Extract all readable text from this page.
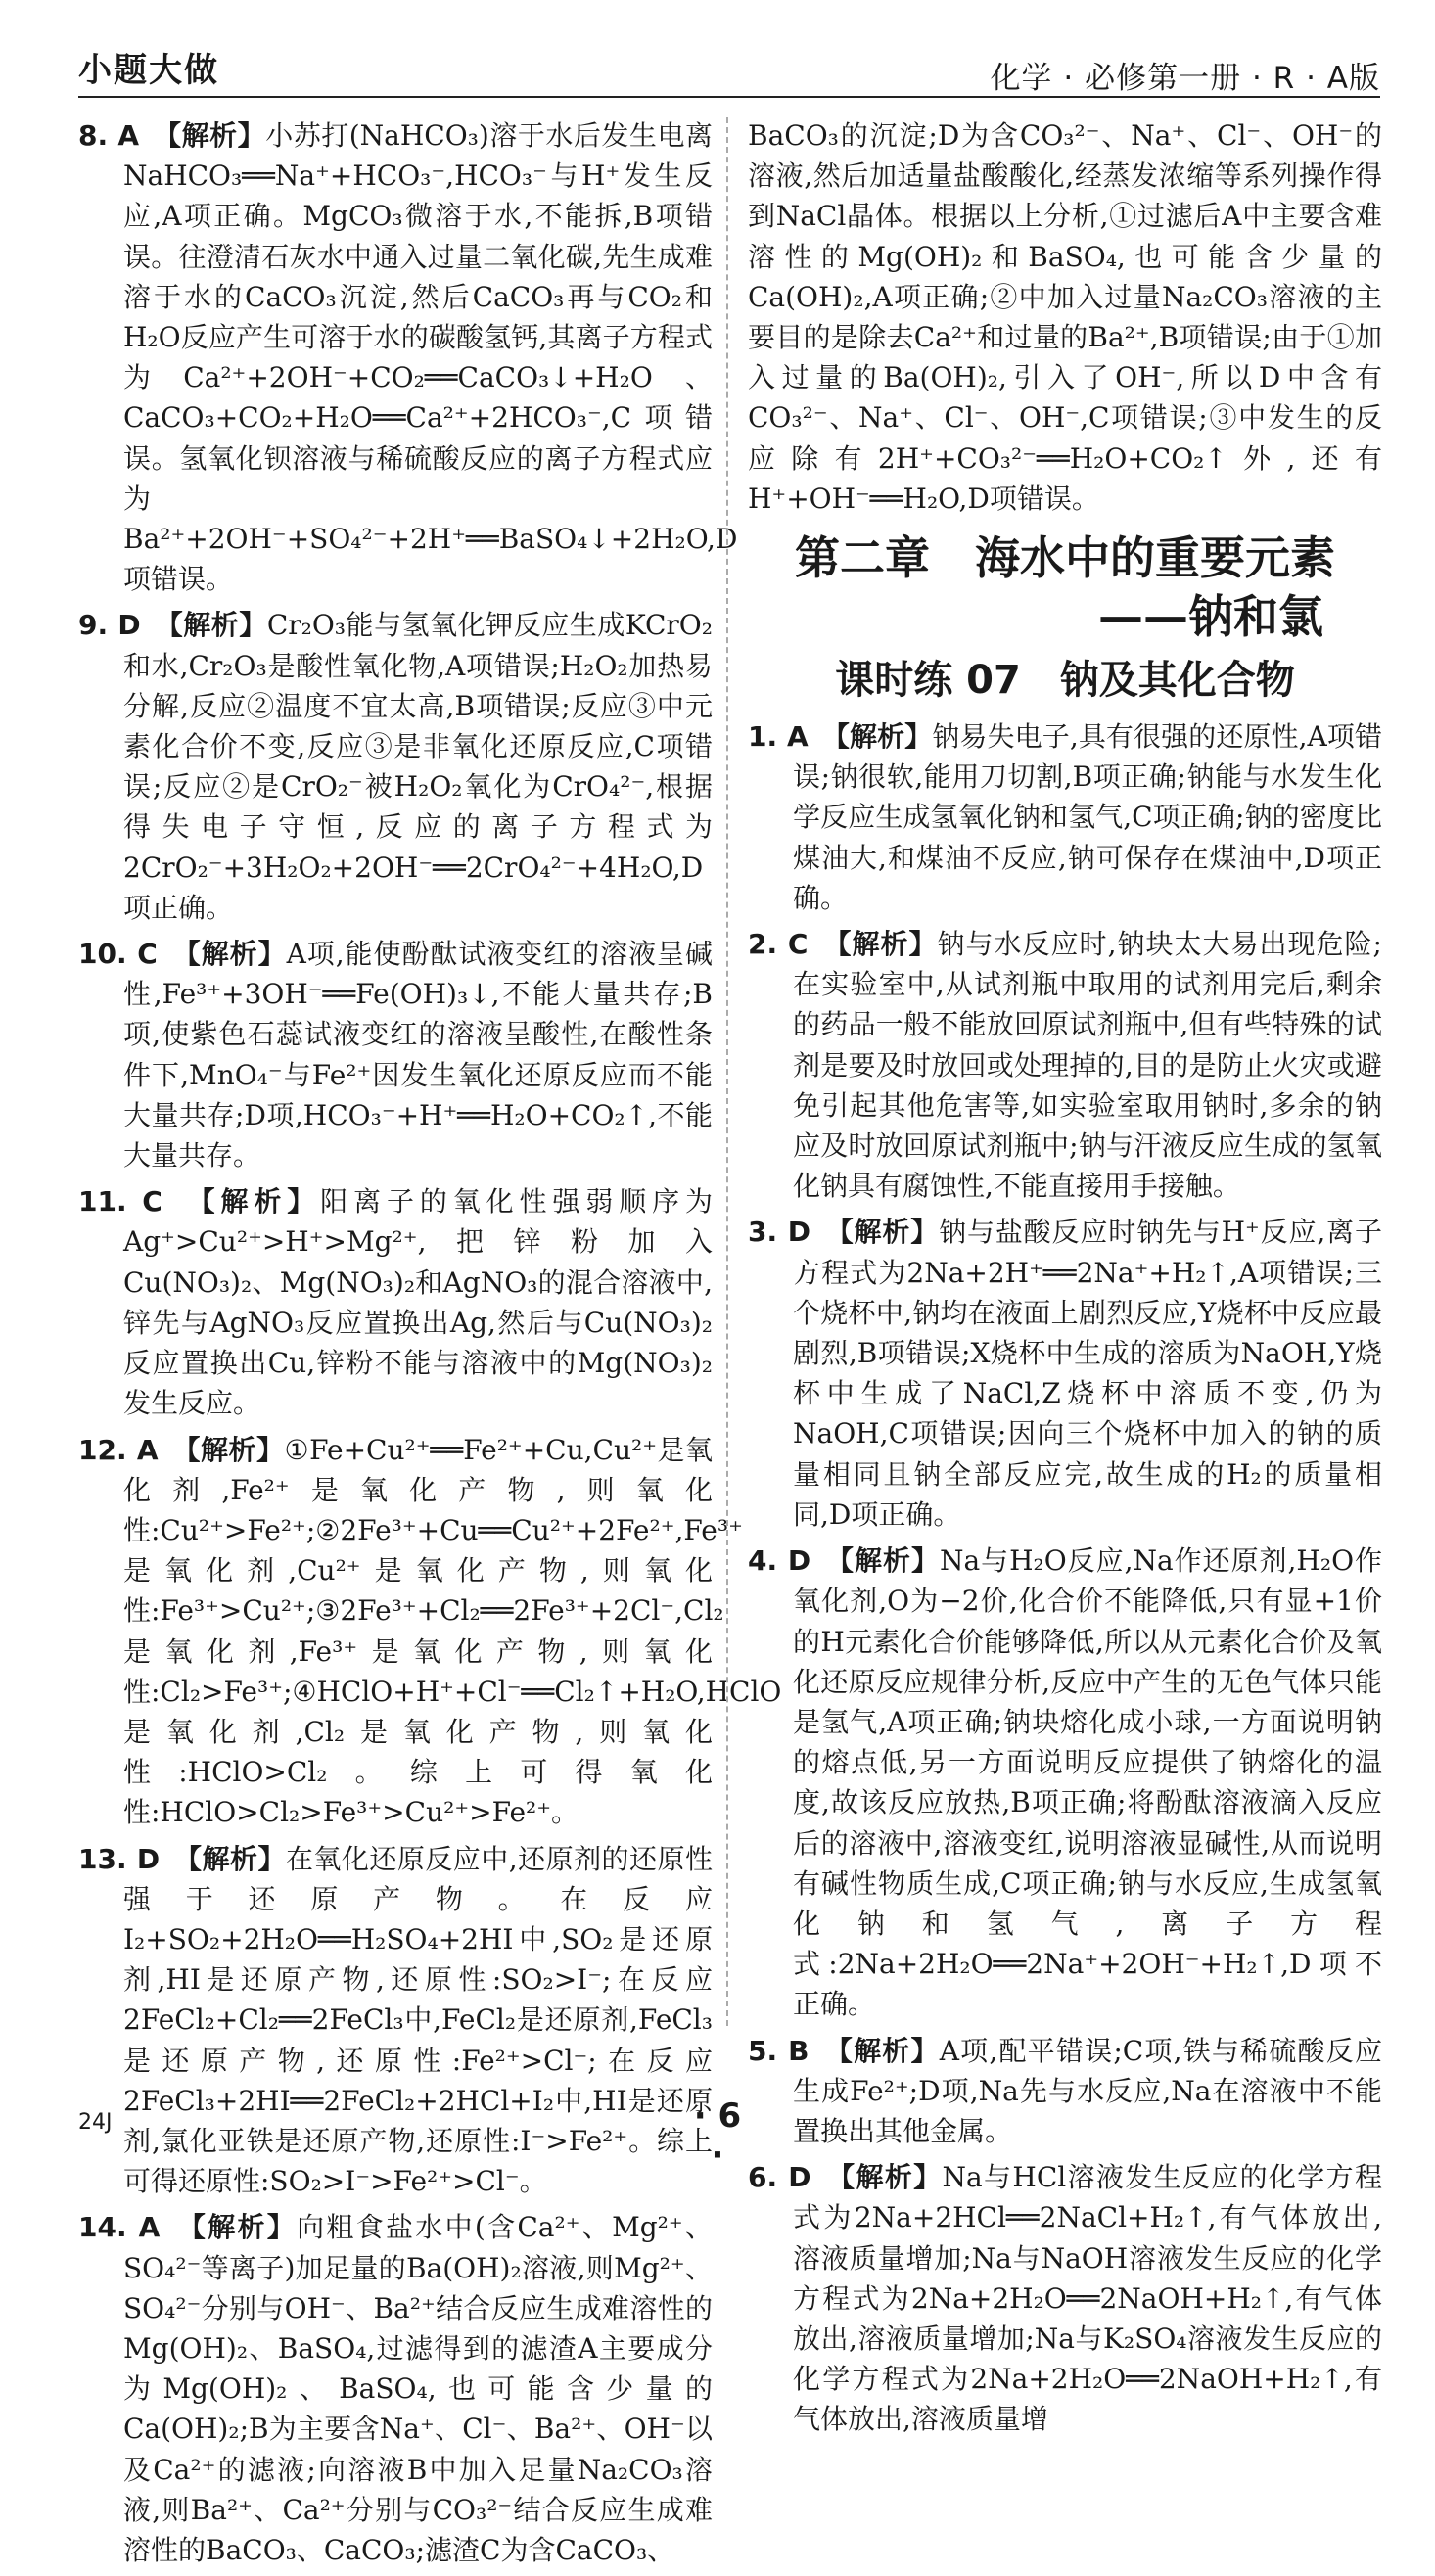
小题大做	化学 · 必修第一册 · R · A版

8. A　 【解析】小苏打(NaHCO₃)溶于水后发生电离NaHCO₃══Na⁺+HCO₃⁻,HCO₃⁻与H⁺发生反应,A项正确。MgCO₃微溶于水,不能拆,B项错误。往澄清石灰水中通入过量二氧化碳,先生成难溶于水的CaCO₃沉淀,然后CaCO₃再与CO₂和H₂O反应产生可溶于水的碳酸氢钙,其离子方程式为Ca²⁺+2OH⁻+CO₂══CaCO₃↓+H₂O、CaCO₃+CO₂+H₂O══Ca²⁺+2HCO₃⁻,C项错误。氢氧化钡溶液与稀硫酸反应的离子方程式应为Ba²⁺+2OH⁻+SO₄²⁻+2H⁺══BaSO₄↓+2H₂O,D项错误。

9. D　 【解析】Cr₂O₃能与氢氧化钾反应生成KCrO₂和水,Cr₂O₃是酸性氧化物,A项错误;H₂O₂加热易分解,反应②温度不宜太高,B项错误;反应③中元素化合价不变,反应③是非氧化还原反应,C项错误;反应②是CrO₂⁻被H₂O₂氧化为CrO₄²⁻,根据得失电子守恒,反应的离子方程式为2CrO₂⁻+3H₂O₂+2OH⁻══2CrO₄²⁻+4H₂O,D项正确。

10. C　 【解析】A项,能使酚酞试液变红的溶液呈碱性,Fe³⁺+3OH⁻══Fe(OH)₃↓,不能大量共存;B项,使紫色石蕊试液变红的溶液呈酸性,在酸性条件下,MnO₄⁻与Fe²⁺因发生氧化还原反应而不能大量共存;D项,HCO₃⁻+H⁺══H₂O+CO₂↑,不能大量共存。

11. C　 【解析】阳离子的氧化性强弱顺序为Ag⁺>Cu²⁺>H⁺>Mg²⁺,把锌粉加入Cu(NO₃)₂、Mg(NO₃)₂和AgNO₃的混合溶液中,锌先与AgNO₃反应置换出Ag,然后与Cu(NO₃)₂反应置换出Cu,锌粉不能与溶液中的Mg(NO₃)₂发生反应。

12. A　 【解析】①Fe+Cu²⁺══Fe²⁺+Cu,Cu²⁺是氧化剂,Fe²⁺是氧化产物,则氧化性:Cu²⁺>Fe²⁺;②2Fe³⁺+Cu══Cu²⁺+2Fe²⁺,Fe³⁺是氧化剂,Cu²⁺是氧化产物,则氧化性:Fe³⁺>Cu²⁺;③2Fe³⁺+Cl₂══2Fe³⁺+2Cl⁻,Cl₂是氧化剂,Fe³⁺是氧化产物,则氧化性:Cl₂>Fe³⁺;④HClO+H⁺+Cl⁻══Cl₂↑+H₂O,HClO是氧化剂,Cl₂是氧化产物,则氧化性:HClO>Cl₂。综上可得氧化性:HClO>Cl₂>Fe³⁺>Cu²⁺>Fe²⁺。

13. D　 【解析】在氧化还原反应中,还原剂的还原性强于还原产物。在反应I₂+SO₂+2H₂O══H₂SO₄+2HI中,SO₂是还原剂,HI是还原产物,还原性:SO₂>I⁻;在反应2FeCl₂+Cl₂══2FeCl₃中,FeCl₂是还原剂,FeCl₃是还原产物,还原性:Fe²⁺>Cl⁻;在反应2FeCl₃+2HI══2FeCl₂+2HCl+I₂中,HI是还原剂,氯化亚铁是还原产物,还原性:I⁻>Fe²⁺。综上可得还原性:SO₂>I⁻>Fe²⁺>Cl⁻。

14. A　 【解析】向粗食盐水中(含Ca²⁺、Mg²⁺、SO₄²⁻等离子)加足量的Ba(OH)₂溶液,则Mg²⁺、SO₄²⁻分别与OH⁻、Ba²⁺结合反应生成难溶性的Mg(OH)₂、BaSO₄,过滤得到的滤渣A主要成分为Mg(OH)₂、BaSO₄,也可能含少量的Ca(OH)₂;B为主要含Na⁺、Cl⁻、Ba²⁺、OH⁻以及Ca²⁺的滤液;向溶液B中加入足量Na₂CO₃溶液,则Ba²⁺、Ca²⁺分别与CO₃²⁻结合反应生成难溶性的BaCO₃、CaCO₃;滤渣C为含CaCO₃、

BaCO₃的沉淀;D为含CO₃²⁻、Na⁺、Cl⁻、OH⁻的溶液,然后加适量盐酸酸化,经蒸发浓缩等系列操作得到NaCl晶体。根据以上分析,①过滤后A中主要含难溶性的Mg(OH)₂和BaSO₄,也可能含少量的Ca(OH)₂,A项正确;②中加入过量Na₂CO₃溶液的主要目的是除去Ca²⁺和过量的Ba²⁺,B项错误;由于①加入过量的Ba(OH)₂,引入了OH⁻,所以D中含有CO₃²⁻、Na⁺、Cl⁻、OH⁻,C项错误;③中发生的反应除有2H⁺+CO₃²⁻══H₂O+CO₂↑外,还有H⁺+OH⁻══H₂O,D项错误。

第二章　海水中的重要元素
——钠和氯
课时练 07　钠及其化合物

1. A　 【解析】钠易失电子,具有很强的还原性,A项错误;钠很软,能用刀切割,B项正确;钠能与水发生化学反应生成氢氧化钠和氢气,C项正确;钠的密度比煤油大,和煤油不反应,钠可保存在煤油中,D项正确。

2. C　 【解析】钠与水反应时,钠块太大易出现危险;在实验室中,从试剂瓶中取用的试剂用完后,剩余的药品一般不能放回原试剂瓶中,但有些特殊的试剂是要及时放回或处理掉的,目的是防止火灾或避免引起其他危害等,如实验室取用钠时,多余的钠应及时放回原试剂瓶中;钠与汗液反应生成的氢氧化钠具有腐蚀性,不能直接用手接触。

3. D　 【解析】钠与盐酸反应时钠先与H⁺反应,离子方程式为2Na+2H⁺══2Na⁺+H₂↑,A项错误;三个烧杯中,钠均在液面上剧烈反应,Y烧杯中反应最剧烈,B项错误;X烧杯中生成的溶质为NaOH,Y烧杯中生成了NaCl,Z烧杯中溶质不变,仍为NaOH,C项错误;因向三个烧杯中加入的钠的质量相同且钠全部反应完,故生成的H₂的质量相同,D项正确。

4. D　 【解析】Na与H₂O反应,Na作还原剂,H₂O作氧化剂,O为−2价,化合价不能降低,只有显+1价的H元素化合价能够降低,所以从元素化合价及氧化还原反应规律分析,反应中产生的无色气体只能是氢气,A项正确;钠块熔化成小球,一方面说明钠的熔点低,另一方面说明反应提供了钠熔化的温度,故该反应放热,B项正确;将酚酞溶液滴入反应后的溶液中,溶液变红,说明溶液显碱性,从而说明有碱性物质生成,C项正确;钠与水反应,生成氢氧化钠和氢气,离子方程式:2Na+2H₂O══2Na⁺+2OH⁻+H₂↑,D项不正确。

5. B　 【解析】A项,配平错误;C项,铁与稀硫酸反应生成Fe²⁺;D项,Na先与水反应,Na在溶液中不能置换出其他金属。

6. D　 【解析】Na与HCl溶液发生反应的化学方程式为2Na+2HCl══2NaCl+H₂↑,有气体放出,溶液质量增加;Na与NaOH溶液发生反应的化学方程式为2Na+2H₂O══2NaOH+H₂↑,有气体放出,溶液质量增加;Na与K₂SO₄溶液发生反应的化学方程式为2Na+2H₂O══2NaOH+H₂↑,有气体放出,溶液质量增

24J	· 6 ·
